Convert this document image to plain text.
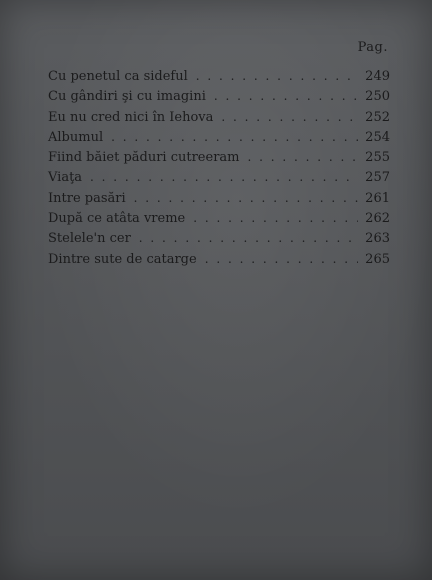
Pag.
Cu penetul ca sideful . . .	249
Cu gândiri şi cu imagini . . .	250
Eu nu cred nici în Iehova . . .	252
Albumul . . .	254
Fiind băiet păduri cutreeram . . .	255
Viaţa . . .	257
Intre pasări . . .	261
După ce atâta vreme . . .	262
Stelele'n cer . . .	263
Dintre sute de catarge . . .	265
